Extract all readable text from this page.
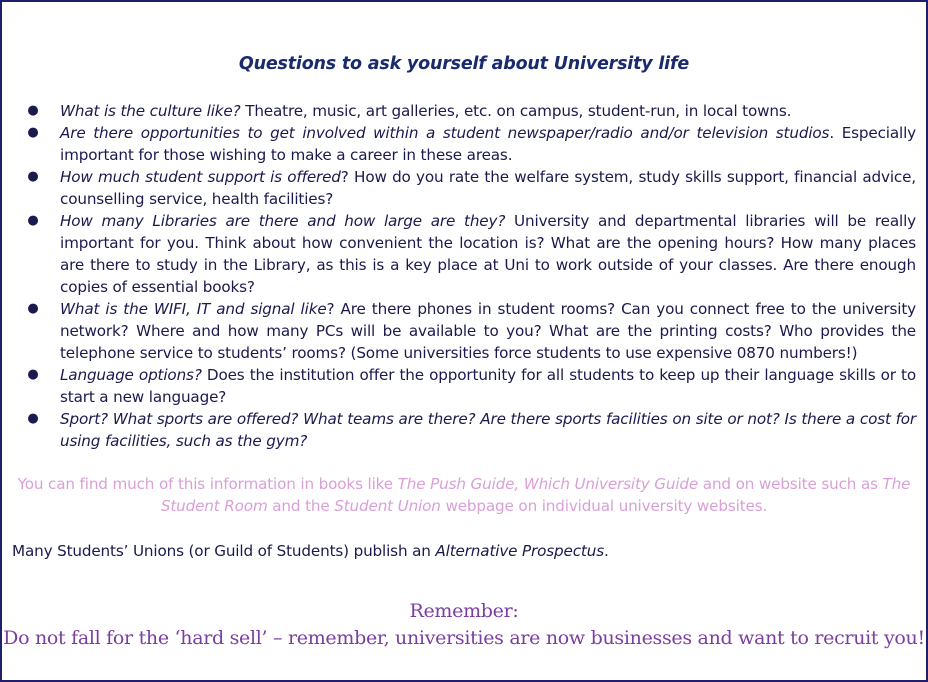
Questions to ask yourself about University life
● What is the culture like? Theatre, music, art galleries, etc. on campus, student-run, in local towns.
● Are there opportunities to get involved within a student newspaper/radio and/or television studios. Especially important for those wishing to make a career in these areas.
● How much student support is offered? How do you rate the welfare system, study skills support, financial advice, counselling service, health facilities?
● How many Libraries are there and how large are they? University and departmental libraries will be really important for you. Think about how convenient the location is? What are the opening hours? How many places are there to study in the Library, as this is a key place at Uni to work outside of your classes. Are there enough copies of essential books?
● What is the WIFI, IT and signal like? Are there phones in student rooms? Can you connect free to the university network? Where and how many PCs will be available to you? What are the printing costs? Who provides the telephone service to students’ rooms? (Some universities force students to use expensive 0870 numbers!)
● Language options? Does the institution offer the opportunity for all students to keep up their language skills or to start a new language?
● Sport? What sports are offered? What teams are there? Are there sports facilities on site or not? Is there a cost for using facilities, such as the gym?
You can find much of this information in books like The Push Guide, Which University Guide and on website such as The Student Room and the Student Union webpage on individual university websites.
Many Students’ Unions (or Guild of Students) publish an Alternative Prospectus.
Remember:
Do not fall for the ‘hard sell’ – remember, universities are now businesses and want to recruit you!
